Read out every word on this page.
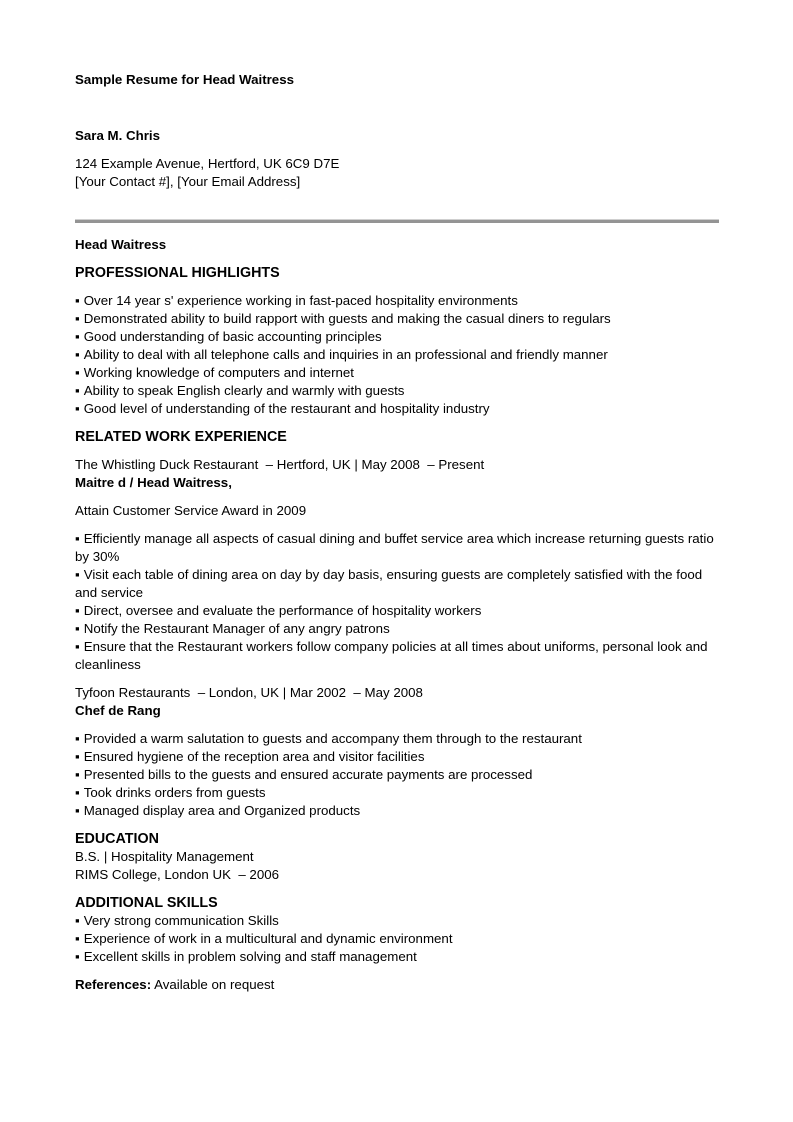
Sample Resume for Head Waitress
Sara M. Chris
124 Example Avenue, Hertford, UK 6C9 D7E
[Your Contact #], [Your Email Address]
Head Waitress
PROFESSIONAL HIGHLIGHTS
▪ Over 14 year s' experience working in fast-paced hospitality environments
▪ Demonstrated ability to build rapport with guests and making the casual diners to regulars
▪ Good understanding of basic accounting principles
▪ Ability to deal with all telephone calls and inquiries in an professional and friendly manner
▪ Working knowledge of computers and internet
▪ Ability to speak English clearly and warmly with guests
▪ Good level of understanding of the restaurant and hospitality industry
RELATED WORK EXPERIENCE
The Whistling Duck Restaurant  – Hertford, UK | May 2008  – Present
Maitre d / Head Waitress,
Attain Customer Service Award in 2009
▪ Efficiently manage all aspects of casual dining and buffet service area which increase returning guests ratio by 30%
▪ Visit each table of dining area on day by day basis, ensuring guests are completely satisfied with the food and service
▪ Direct, oversee and evaluate the performance of hospitality workers
▪ Notify the Restaurant Manager of any angry patrons
▪ Ensure that the Restaurant workers follow company policies at all times about uniforms, personal look and cleanliness
Tyfoon Restaurants  – London, UK | Mar 2002  – May 2008
Chef de Rang
▪ Provided a warm salutation to guests and accompany them through to the restaurant
▪ Ensured hygiene of the reception area and visitor facilities
▪ Presented bills to the guests and ensured accurate payments are processed
▪ Took drinks orders from guests
▪ Managed display area and Organized products
EDUCATION
B.S. | Hospitality Management
RIMS College, London UK  – 2006
ADDITIONAL SKILLS
▪ Very strong communication Skills
▪ Experience of work in a multicultural and dynamic environment
▪ Excellent skills in problem solving and staff management
References: Available on request
